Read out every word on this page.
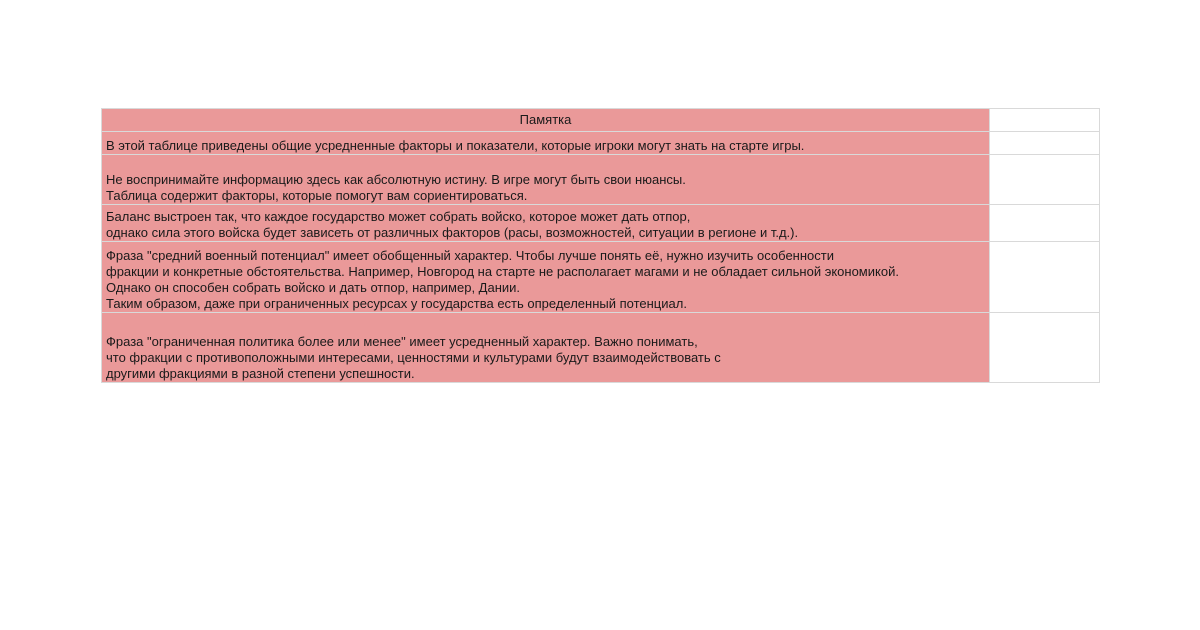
Памятка	
В этой таблице приведены общие усредненные факторы и показатели, которые игроки могут знать на старте игры.	
Не воспринимайте информацию здесь как абсолютную истину. В игре могут быть свои нюансы.
Таблица содержит факторы, которые помогут вам сориентироваться.	
Баланс выстроен так, что каждое государство может собрать войско, которое может дать отпор,
однако сила этого войска будет зависеть от различных факторов (расы, возможностей, ситуации в регионе и т.д.).	
Фраза "средний военный потенциал" имеет обобщенный характер. Чтобы лучше понять её, нужно изучить особенности
фракции и конкретные обстоятельства. Например, Новгород на старте не располагает магами и не обладает сильной экономикой.
Однако он способен собрать войско и дать отпор, например, Дании.
Таким образом, даже при ограниченных ресурсах у государства есть определенный потенциал.	
Фраза "ограниченная политика более или менее" имеет усредненный характер. Важно понимать,
что фракции с противоположными интересами, ценностями и культурами будут взаимодействовать с
другими фракциями в разной степени успешности.	
